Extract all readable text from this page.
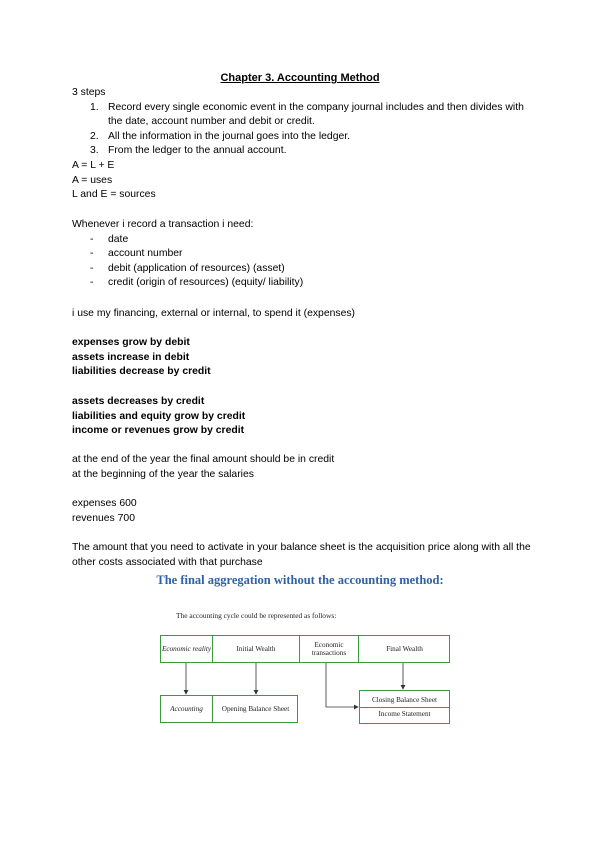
Chapter 3. Accounting Method

3 steps
1. Record every single economic event in the company journal includes and then divides with the date, account number and debit or credit.
2. All the information in the journal goes into the ledger.
3. From the ledger to the annual account.
A = L + E
A = uses
L and E = sources
Whenever i record a transaction i need:
- date
- account number
- debit (application of resources) (asset)
- credit (origin of resources) (equity/ liability)
i use my financing, external or internal, to spend it (expenses)
expenses grow by debit
assets increase in debit
liabilities decrease by credit
assets decreases by credit
liabilities and equity grow by credit
income or revenues grow by credit
at the end of the year the final amount should be in credit
at the beginning of the year the salaries
expenses 600
revenues 700
The amount that you need to activate in your balance sheet is the acquisition price along with all the other costs associated with that purchase
The final aggregation without the accounting method:
The accounting cycle could be represented as follows:
Economic reality	Initial Wealth
Economic transactions
Final Wealth
Accounting	Opening Balance Sheet
Closing Balance Sheet
Income Statement
